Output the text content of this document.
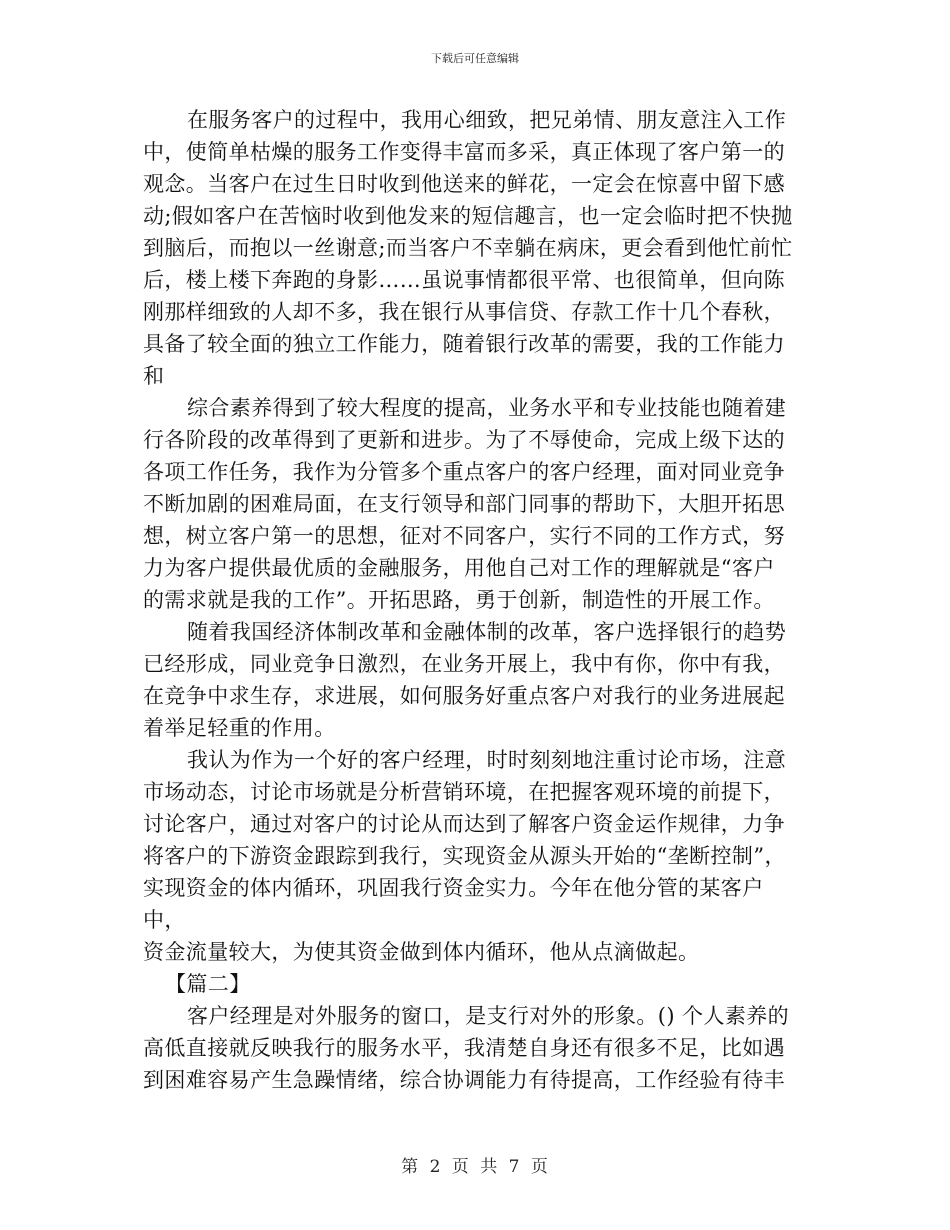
下载后可任意编辑

在服务客户的过程中，我用心细致，把兄弟情、朋友意注入工作
中，使简单枯燥的服务工作变得丰富而多采，真正体现了客户第一的
观念。当客户在过生日时收到他送来的鲜花，一定会在惊喜中留下感
动;假如客户在苦恼时收到他发来的短信趣言，也一定会临时把不快抛
到脑后，而抱以一丝谢意;而当客户不幸躺在病床，更会看到他忙前忙
后，楼上楼下奔跑的身影……虽说事情都很平常、也很简单，但向陈
刚那样细致的人却不多，我在银行从事信贷、存款工作十几个春秋，
具备了较全面的独立工作能力，随着银行改革的需要，我的工作能力
和

综合素养得到了较大程度的提高，业务水平和专业技能也随着建
行各阶段的改革得到了更新和进步。为了不辱使命，完成上级下达的
各项工作任务，我作为分管多个重点客户的客户经理，面对同业竞争
不断加剧的困难局面，在支行领导和部门同事的帮助下，大胆开拓思
想，树立客户第一的思想，征对不同客户，实行不同的工作方式，努
力为客户提供最优质的金融服务，用他自己对工作的理解就是“客户
的需求就是我的工作”。开拓思路，勇于创新，制造性的开展工作。

随着我国经济体制改革和金融体制的改革，客户选择银行的趋势
已经形成，同业竞争日激烈，在业务开展上，我中有你，你中有我，
在竞争中求生存，求进展，如何服务好重点客户对我行的业务进展起
着举足轻重的作用。

我认为作为一个好的客户经理，时时刻刻地注重讨论市场，注意
市场动态，讨论市场就是分析营销环境，在把握客观环境的前提下，
讨论客户，通过对客户的讨论从而达到了解客户资金运作规律，力争
将客户的下游资金跟踪到我行，实现资金从源头开始的“垄断控制”，
实现资金的体内循环，巩固我行资金实力。今年在他分管的某客户中，
资金流量较大，为使其资金做到体内循环，他从点滴做起。

【篇二】

客户经理是对外服务的窗口，是支行对外的形象。() 个人素养的
高低直接就反映我行的服务水平，我清楚自身还有很多不足，比如遇
到困难容易产生急躁情绪，综合协调能力有待提高，工作经验有待丰

第 2 页 共 7 页
